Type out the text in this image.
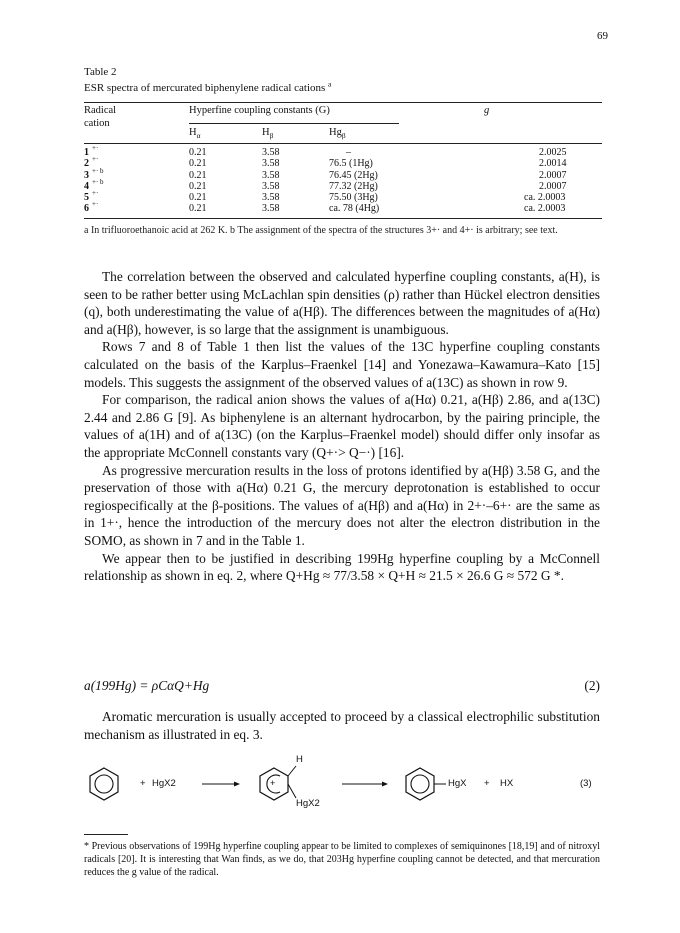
69
Table 2
ESR spectra of mercurated biphenylene radical cations $^a$
Radical
cation
Hyperfine coupling constants (G)
$H_\alpha$	$H_\beta$	$Hg_\beta$
g
1 +·	0.21	3.58	–	2.0025
2 +·	0.21	3.58	76.5 (1Hg)	2.0014
3 +· b	0.21	3.58	76.45 (2Hg)	2.0007
4 +· b	0.21	3.58	77.32 (2Hg)	2.0007
5 +·	0.21	3.58	75.50 (3Hg)	ca. 2.0003
6 +·	0.21	3.58	ca. 78 (4Hg)	ca. 2.0003
a In trifluoroethanoic acid at 262 K. b The assignment of the spectra of the structures 3+· and 4+· is arbitrary; see text.

The correlation between the observed and calculated hyperfine coupling constants, a(H), is seen to be rather better using McLachlan spin densities (ρ) rather than Hückel electron densities (q), both underestimating the value of a(Hβ). The differences between the magnitudes of a(Hα) and a(Hβ), however, is so large that the assignment is unambiguous.

Rows 7 and 8 of Table 1 then list the values of the 13C hyperfine coupling constants calculated on the basis of the Karplus–Fraenkel [14] and Yonezawa–Kawamura–Kato [15] models. This suggests the assignment of the observed values of a(13C) as shown in row 9.

For comparison, the radical anion shows the values of a(Hα) 0.21, a(Hβ) 2.86, and a(13C) 2.44 and 2.86 G [9]. As biphenylene is an alternant hydrocarbon, by the pairing principle, the values of a(1H) and of a(13C) (on the Karplus–Fraenkel model) should differ only insofar as the appropriate McConnell constants vary (Q+·> Q−·) [16].

As progressive mercuration results in the loss of protons identified by a(Hβ) 3.58 G, and the preservation of those with a(Hα) 0.21 G, the mercury deprotonation is established to occur regiospecifically at the β-positions. The values of a(Hβ) and a(Hα) in 2+·–6+· are the same as in 1+·, hence the introduction of the mercury does not alter the electron distribution in the SOMO, as shown in 7 and in the Table 1.

We appear then to be justified in describing 199Hg hyperfine coupling by a McConnell relationship as shown in eq. 2, where Q+Hg ≈ 77/3.58 × Q+H ≈ 21.5 × 26.6 G ≈ 572 G *.

a(199Hg) = ρCαQ+Hg	(2)
Aromatic mercuration is usually accepted to proceed by a classical electrophilic substitution mechanism as illustrated in eq. 3.
+ HgX2	+
H
HgX2
HgX + HX	(3)
* Previous observations of 199Hg hyperfine coupling appear to be limited to complexes of semiquinones [18,19] and of nitroxyl radicals [20]. It is interesting that Wan finds, as we do, that 203Hg hyperfine coupling cannot be detected, and that mercuration reduces the g value of the radical.
